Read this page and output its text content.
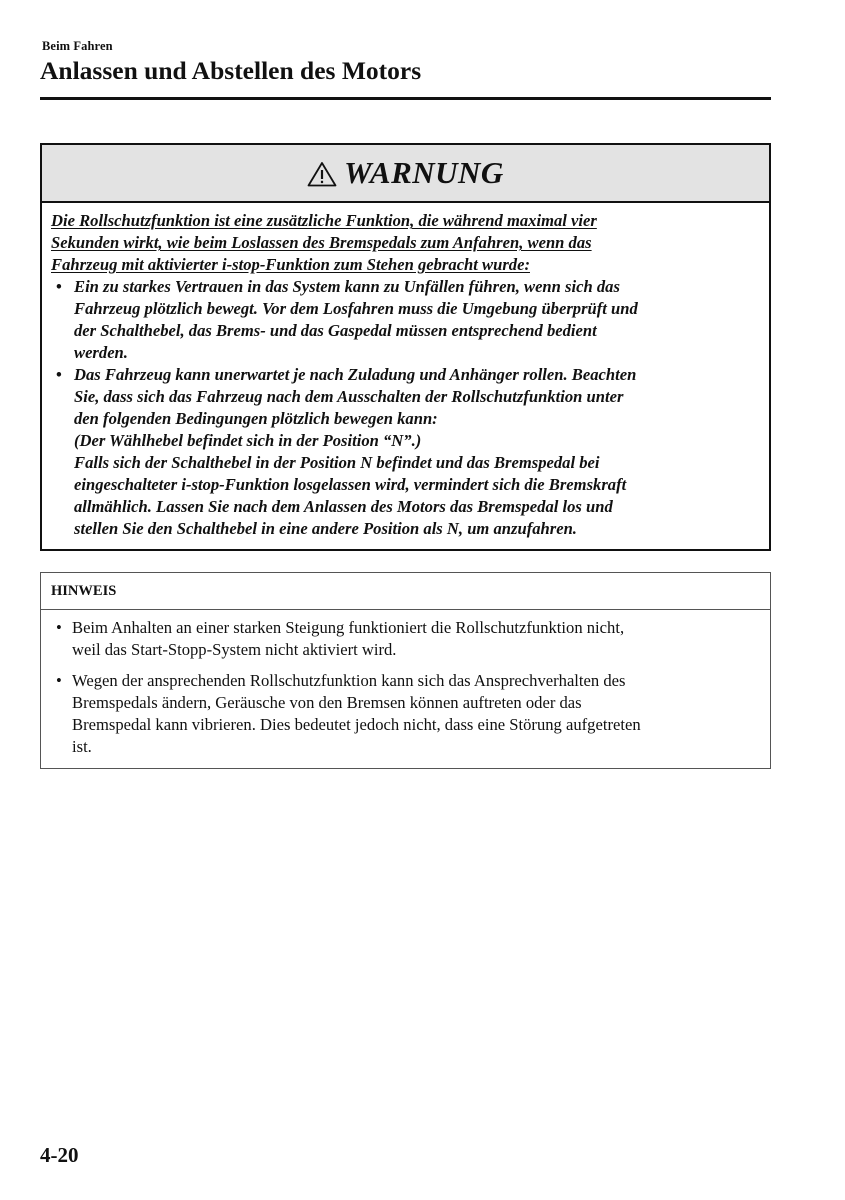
Beim Fahren
Anlassen und Abstellen des Motors
WARNUNG
Die Rollschutzfunktion ist eine zusätzliche Funktion, die während maximal vier
Sekunden wirkt, wie beim Loslassen des Bremspedals zum Anfahren, wenn das
Fahrzeug mit aktivierter i-stop-Funktion zum Stehen gebracht wurde:
• Ein zu starkes Vertrauen in das System kann zu Unfällen führen, wenn sich das
Fahrzeug plötzlich bewegt. Vor dem Losfahren muss die Umgebung überprüft und
der Schalthebel, das Brems- und das Gaspedal müssen entsprechend bedient
werden.
• Das Fahrzeug kann unerwartet je nach Zuladung und Anhänger rollen. Beachten
Sie, dass sich das Fahrzeug nach dem Ausschalten der Rollschutzfunktion unter
den folgenden Bedingungen plötzlich bewegen kann:
(Der Wählhebel befindet sich in der Position “N”.)
Falls sich der Schalthebel in der Position N befindet und das Bremspedal bei
eingeschalteter i-stop-Funktion losgelassen wird, vermindert sich die Bremskraft
allmählich. Lassen Sie nach dem Anlassen des Motors das Bremspedal los und
stellen Sie den Schalthebel in eine andere Position als N, um anzufahren.
HINWEIS
• Beim Anhalten an einer starken Steigung funktioniert die Rollschutzfunktion nicht,
weil das Start-Stopp-System nicht aktiviert wird.
• Wegen der ansprechenden Rollschutzfunktion kann sich das Ansprechverhalten des
Bremspedals ändern, Geräusche von den Bremsen können auftreten oder das
Bremspedal kann vibrieren. Dies bedeutet jedoch nicht, dass eine Störung aufgetreten
ist.
4-20
